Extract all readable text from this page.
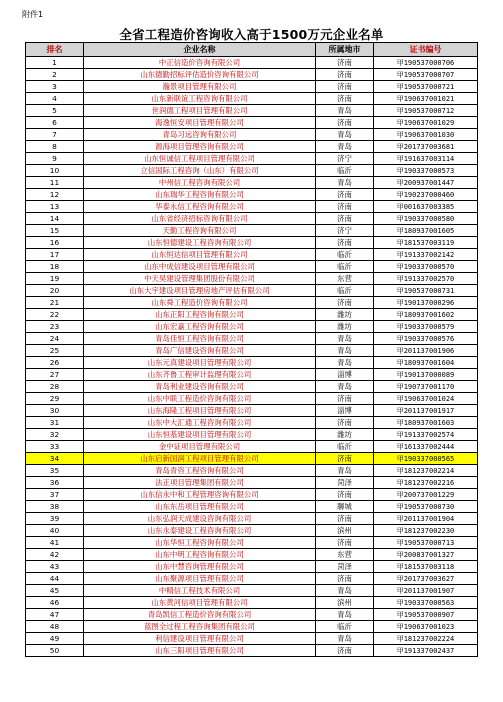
附件1
全省工程造价咨询收入高于1500万元企业名单
排名	企业名称	所属地市	证书编号
1	中正信造价咨询有限公司	济南	甲190537000706
2	山东德勤招标评估造价咨询有限公司	济南	甲190537000707
3	瀚景项目管理有限公司	济南	甲190537000721
4	山东新联谊工程咨询有限公司	济南	甲190637001021
5	世润德工程项目管理有限公司	青岛	甲190537000712
6	海逸恒安项目管理有限公司	济南	甲190637001029
7	青岛习远咨询有限公司	青岛	甲190637001030
8	源海项目管理咨询有限公司	青岛	甲201737003681
9	山东恒诚信工程项目管理有限公司	济宁	甲191637003114
10	立信国际工程咨询（山东）有限公司	临沂	甲190337000573
11	中州信工程咨询有限公司	青岛	甲200937001447
12	山东瑞华工程咨询有限公司	济南	甲190237000460
13	华泰永信工程咨询有限公司	济南	甲001637003385
14	山东省经济招标咨询有限公司	济南	甲190337000580
15	天勤工程咨询有限公司	济宁	甲180937001605
16	山东恒德建设工程咨询有限公司	济南	甲181537003119
17	山东恒达信项目管理有限公司	临沂	甲191337002142
18	山东中成信建设项目管理有限公司	临沂	甲190337000570
19	中天昊建设管理集团股份有限公司	东营	甲191337002570
20	山东大宇建设项目管理房地产评估有限公司	临沂	甲190537000731
21	山东舜工程造价咨询有限公司	济南	甲190137000296
22	山东正阳工程咨询有限公司	潍坊	甲180937001602
23	山东宏嘉工程咨询有限公司	潍坊	甲190337000579
24	青岛佳恒工程咨询有限公司	青岛	甲190337000576
25	青岛广信建设咨询有限公司	青岛	甲201137001906
26	山东元真建设项目管理有限公司	青岛	甲180937001604
27	山东齐鲁工程审计监理有限公司	淄博	甲190137000089
28	青岛利业建设咨询有限公司	青岛	甲190737001170
29	山东中联工程造价咨询有限公司	济南	甲190637001024
30	山东海隆工程项目管理有限公司	淄博	甲201137001917
31	山东中大汇通工程咨询有限公司	济南	甲180937001603
32	山东恒基建设项目管理有限公司	潍坊	甲191337002574
33	金中证项目管理有限公司	临沂	甲161337002444
34	山东启新国润工程项目管理有限公司	济南	甲190337000565
35	青岛青咨工程咨询有限公司	青岛	甲181237002214
36	法正项目管理集团有限公司	菏泽	甲181237002216
37	山东信永中和工程管理咨询有限公司	济南	甲200737001229
38	山东东岳项目管理有限公司	聊城	甲190537000730
39	山东弘润天成建设咨询有限公司	济南	甲201137001904
40	山东永泰建设工程咨询有限公司	滨州	甲181237002230
41	山东华恒工程咨询有限公司	济南	甲190537000713
42	山东中明工程咨询有限公司	东营	甲200837001327
43	山东中慧咨询管理有限公司	菏泽	甲181537003118
44	山东聚源项目管理有限公司	济南	甲201737003627
45	中精信工程技术有限公司	青岛	甲201137001907
46	山东黄河信项目管理有限公司	滨州	甲190337000563
47	青岛凯信工程造价咨询有限公司	青岛	甲190537000907
48	蓝图全过程工程咨询集团有限公司	临沂	甲190637001023
49	利信建设项目管理有限公司	青岛	甲181237002224
50	山东三阳项目管理有限公司	济南	甲191337002437
